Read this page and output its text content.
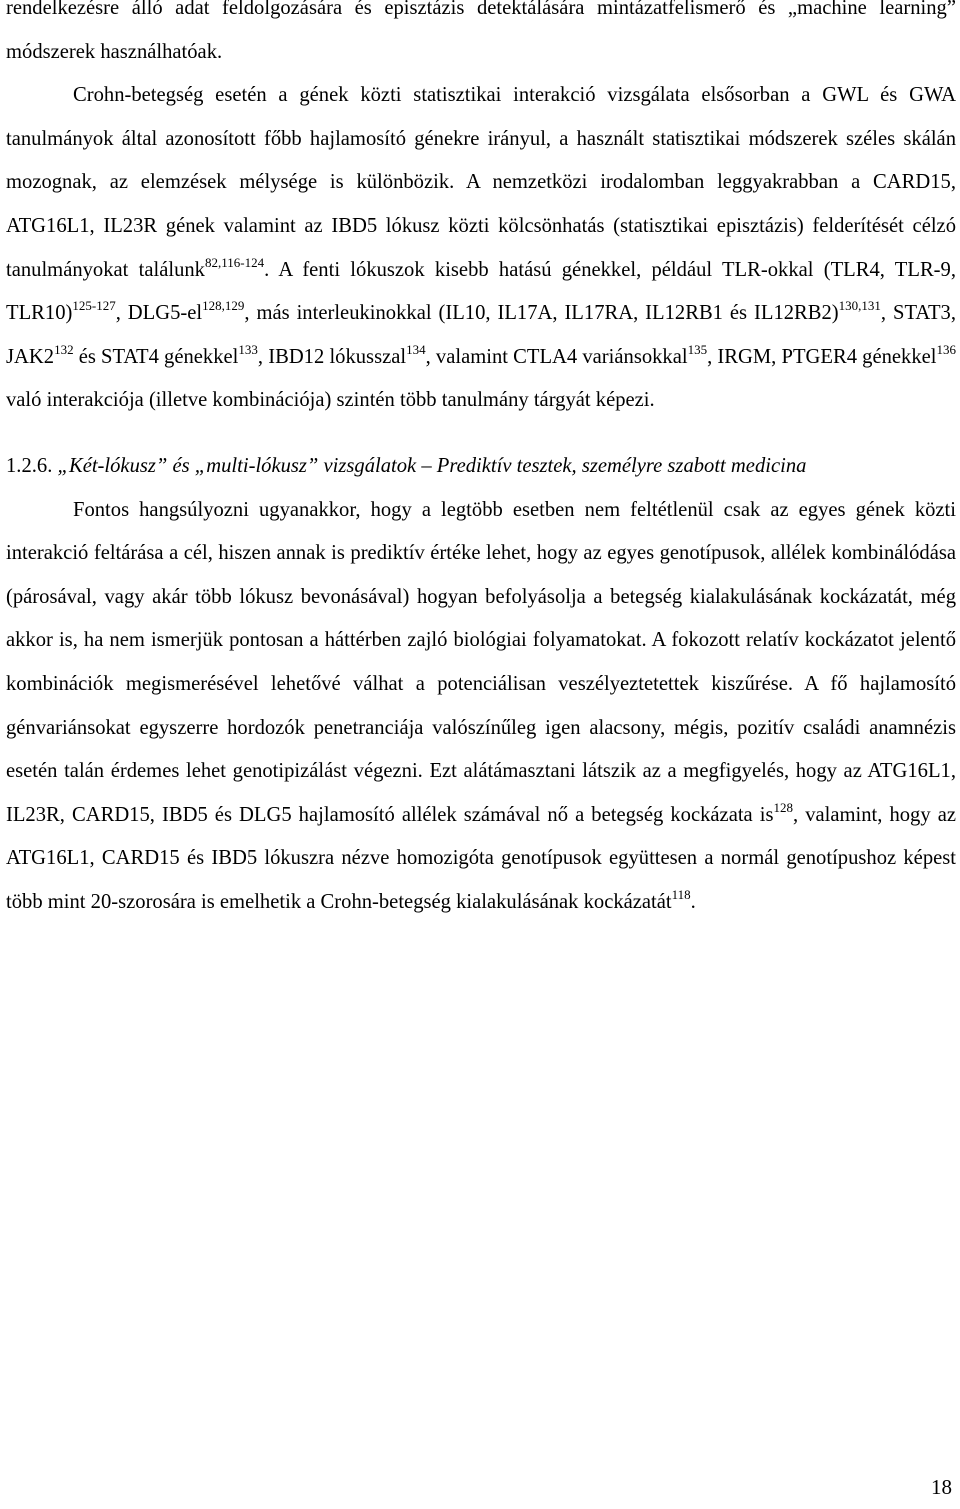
rendelkezésre álló adat feldolgozására és episztázis detektálására mintázatfelismerő és „machine learning” módszerek használhatóak.

Crohn-betegség esetén a gének közti statisztikai interakció vizsgálata elsősorban a GWL és GWA tanulmányok által azonosított főbb hajlamosító génekre irányul, a használt statisztikai módszerek széles skálán mozognak, az elemzések mélysége is különbözik. A nemzetközi irodalomban leggyakrabban a CARD15, ATG16L1, IL23R gének valamint az IBD5 lókusz közti kölcsönhatás (statisztikai episztázis) felderítését célzó tanulmányokat találunk$^{82,116-124}$. A fenti lókuszok kisebb hatású génekkel, például TLR-okkal (TLR4, TLR-9, TLR10)$^{125-127}$, DLG5-el$^{128,129}$, más interleukinokkal (IL10, IL17A, IL17RA, IL12RB1 és IL12RB2)$^{130,131}$, STAT3, $JAK2^{132}$ és STAT4 génekkel$^{133}$, IBD12 lókusszal$^{134}$, valamint CTLA4 variánsokkal$^{135}$, IRGM, PTGER4 génekkel$^{136}$ való interakciója (illetve kombinációja) szintén több tanulmány tárgyát képezi.

1.2.6. „Két-lókusz” és „multi-lókusz” vizsgálatok – Prediktív tesztek, személyre szabott medicina

Fontos hangsúlyozni ugyanakkor, hogy a legtöbb esetben nem feltétlenül csak az egyes gének közti interakció feltárása a cél, hiszen annak is prediktív értéke lehet, hogy az egyes genotípusok, allélek kombinálódása (párosával, vagy akár több lókusz bevonásával) hogyan befolyásolja a betegség kialakulásának kockázatát, még akkor is, ha nem ismerjük pontosan a háttérben zajló biológiai folyamatokat. A fokozott relatív kockázatot jelentő kombinációk megismerésével lehetővé válhat a potenciálisan veszélyeztetettek kiszűrése. A fő hajlamosító génvariánsokat egyszerre hordozók penetranciája valószínűleg igen alacsony, mégis, pozitív családi anamnézis esetén talán érdemes lehet genotipizálást végezni. Ezt alátámasztani látszik az a megfigyelés, hogy az ATG16L1, IL23R, CARD15, IBD5 és DLG5 hajlamosító allélek számával nő a betegség kockázata $is^{128}$, valamint, hogy az ATG16L1, CARD15 és IBD5 lókuszra nézve homozigóta genotípusok együttesen a normál genotípushoz képest több mint 20-szorosára is emelhetik a Crohn-betegség kialakulásának kockázatát$^{118}$.

18
